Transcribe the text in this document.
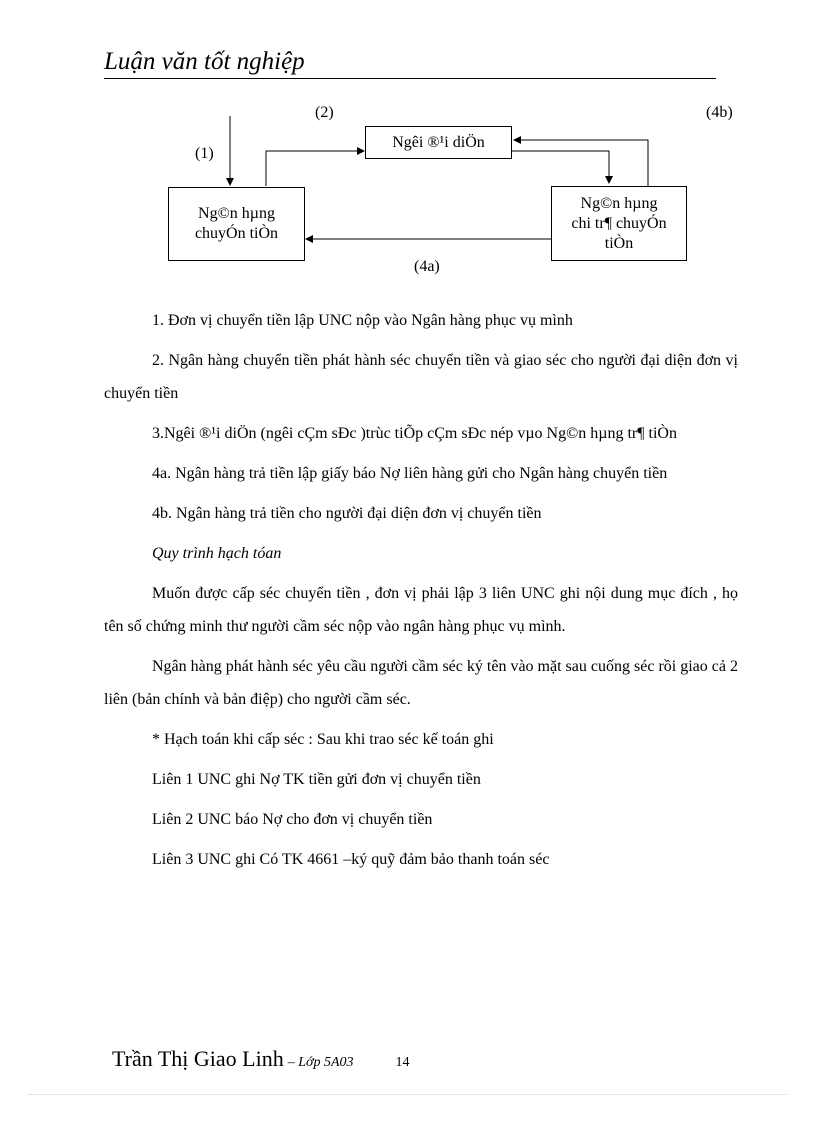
Luận văn tốt nghiệp
Ngêi ®¹i diÖn
Ng©n hµng
chuyÓn tiÒn
Ng©n hµng
chi tr¶ chuyÓn
tiÒn
(1)
(2)
(4a)
(4b)

1. Đơn vị chuyển tiền lập UNC nộp vào Ngân hàng phục vụ mình

2. Ngân hàng chuyển tiền phát hành séc chuyển tiền và giao séc cho người đại diện đơn vị chuyển tiền

3.Ngêi ®¹i diÖn (ngêi cÇm sÐc )trùc tiÕp cÇm sÐc nép vµo Ng©n hµng tr¶ tiÒn

4a. Ngân hàng trả tiền lập giấy báo Nợ liên hàng gửi cho Ngân hàng chuyển tiền

4b. Ngân hàng trả tiền cho người đại diện đơn vị chuyển tiền

Quy trình hạch tóan

Muốn được cấp séc chuyển tiền , đơn vị phải lập 3 liên UNC ghi nội dung mục đích , họ tên số chứng minh thư người cầm séc nộp vào ngân hàng phục vụ mình.

Ngân hàng phát hành séc yêu cầu người cầm séc ký tên vào mặt sau cuống séc rồi giao cả 2 liên (bản chính và bản điệp) cho người cầm séc.

* Hạch toán khi cấp séc : Sau khi trao séc kế toán ghi

Liên 1 UNC ghi Nợ TK tiền gửi đơn vị chuyển tiền

Liên 2 UNC báo Nợ cho đơn vị chuyển tiền

Liên 3 UNC ghi Có TK 4661 –ký quỹ đảm bảo thanh toán séc

Trần Thị Giao Linh – Lớp 5A03	14
